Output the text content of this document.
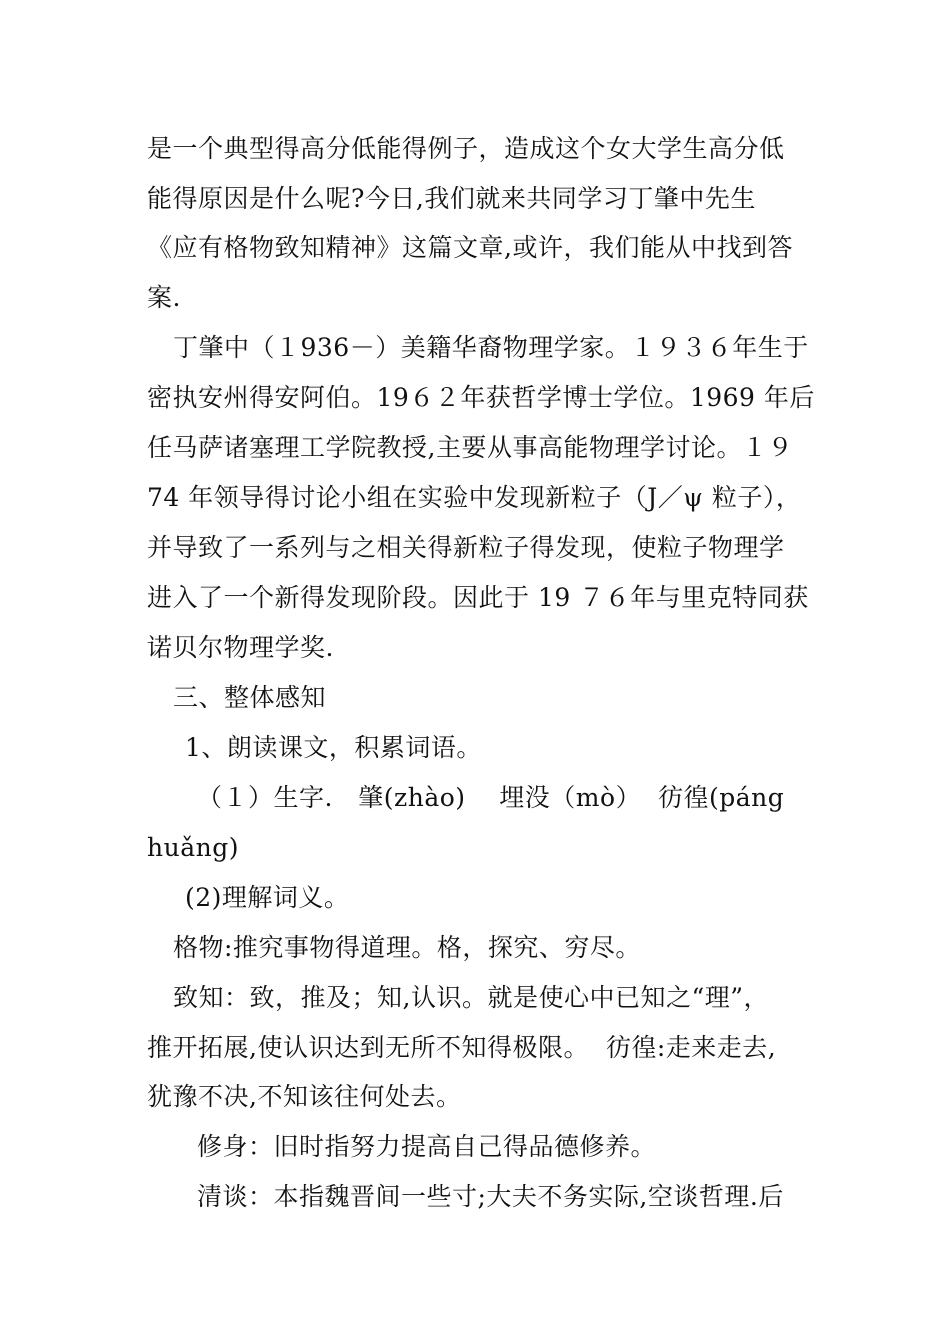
是一个典型得高分低能得例子，造成这个女大学生高分低
能得原因是什么呢?今日,我们就来共同学习丁肇中先生
《应有格物致知精神》这篇文章,或许，我们能从中找到答
案.
丁肇中（１936－）美籍华裔物理学家。１９３６年生于
密执安州得安阿伯。19６２年获哲学博士学位。1969 年后
任马萨诸塞理工学院教授,主要从事高能物理学讨论。１９
74 年领导得讨论小组在实验中发现新粒子（J／ψ 粒子），
并导致了一系列与之相关得新粒子得发现，使粒子物理学
进入了一个新得发现阶段。因此于 19 ７６年与里克特同获
诺贝尔物理学奖.
三、整体感知
1、朗读课文，积累词语。
（１）生字.   肇(zhào)    埋没（mò）  彷徨(páng
huǎng)
(2)理解词义。
格物:推究事物得道理。格，探究、穷尽。
致知：致，推及；知,认识。就是使心中已知之“理”，
推开拓展,使认识达到无所不知得极限。  彷徨:走来走去,
犹豫不决,不知该往何处去。
修身：旧时指努力提高自己得品德修养。
清谈：本指魏晋间一些寸;大夫不务实际,空谈哲理.后
